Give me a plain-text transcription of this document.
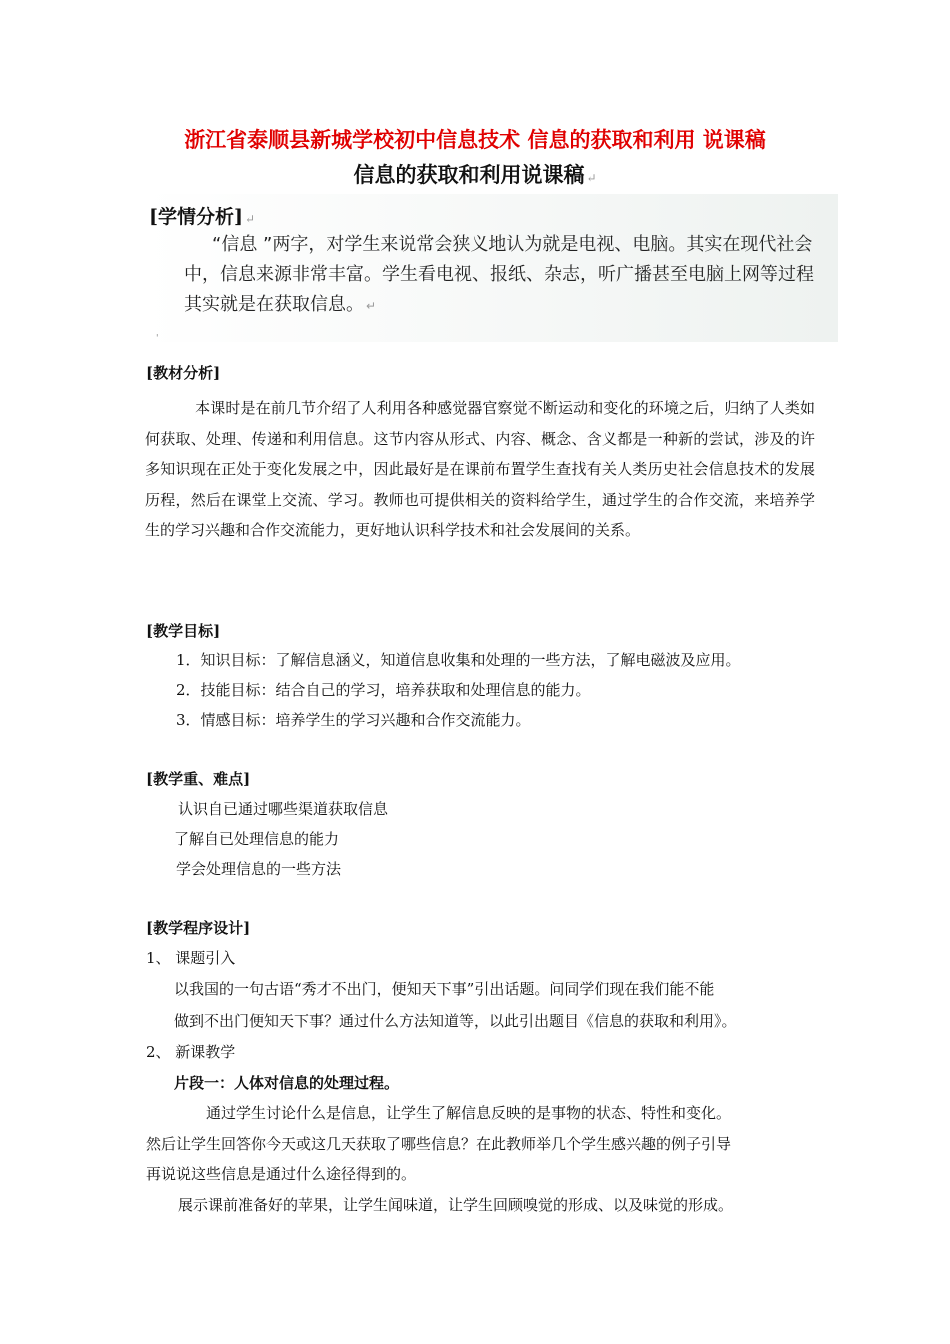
浙江省泰顺县新城学校初中信息技术 信息的获取和利用 说课稿
信息的获取和利用说课稿 ↵
[学情分析] ↵
“信息 ”两字，对学生来说常会狭义地认为就是电视、电脑。其实在现代社会中，信息来源非常丰富。学生看电视、报纸、杂志，听广播甚至电脑上网等过程其实就是在获取信息。 ↵
'
[教材分析]
本课时是在前几节介绍了人利用各种感觉器官察觉不断运动和变化的环境之后，归纳了人类如何获取、处理、传递和利用信息。这节内容从形式、内容、概念、含义都是一种新的尝试，涉及的许多知识现在正处于变化发展之中，因此最好是在课前布置学生查找有关人类历史社会信息技术的发展历程，然后在课堂上交流、学习。教师也可提供相关的资料给学生，通过学生的合作交流，来培养学生的学习兴趣和合作交流能力，更好地认识科学技术和社会发展间的关系。
[教学目标]
1．知识目标：了解信息涵义，知道信息收集和处理的一些方法，了解电磁波及应用。
2．技能目标：结合自己的学习，培养获取和处理信息的能力。
3．情感目标：培养学生的学习兴趣和合作交流能力。
[教学重、难点]
认识自已通过哪些渠道获取信息
了解自已处理信息的能力
学会处理信息的一些方法
[教学程序设计]
1、 课题引入
以我国的一句古语“秀才不出门，便知天下事”引出话题。问同学们现在我们能不能
做到不出门便知天下事？通过什么方法知道等，以此引出题目《信息的获取和利用》。
2、 新课教学
片段一：人体对信息的处理过程。
通过学生讨论什么是信息，让学生了解信息反映的是事物的状态、特性和变化。
然后让学生回答你今天或这几天获取了哪些信息？在此教师举几个学生感兴趣的例子引导
再说说这些信息是通过什么途径得到的。
展示课前准备好的苹果，让学生闻味道，让学生回顾嗅觉的形成、以及味觉的形成。
